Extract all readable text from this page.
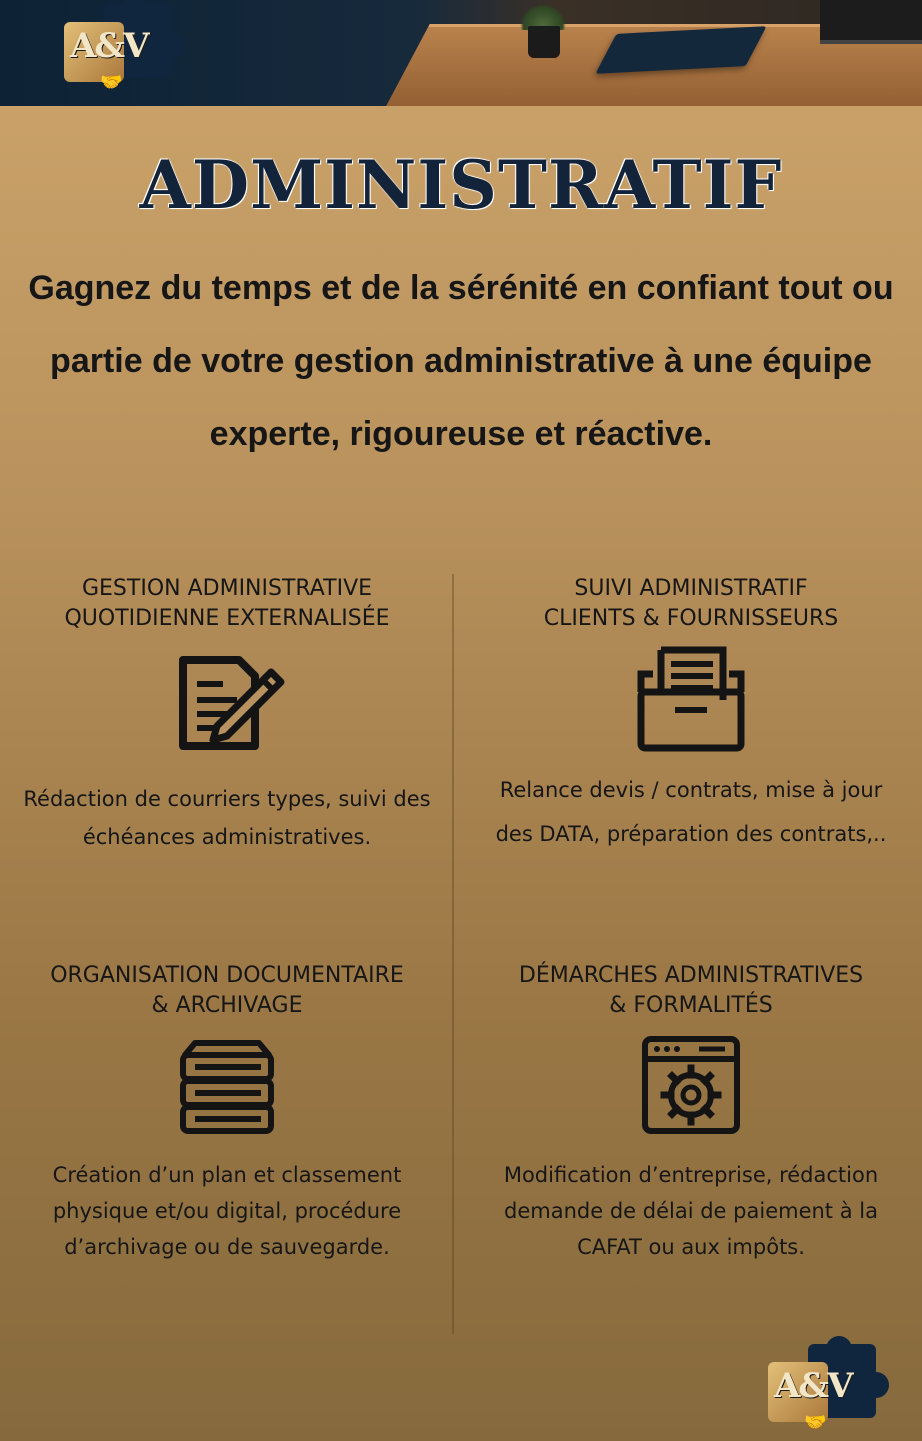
A&V
🤝
ADMINISTRATIF
Gagnez du temps et de la sérénité en confiant tout ou partie de votre gestion administrative à une équipe experte, rigoureuse et réactive.
GESTION ADMINISTRATIVE
QUOTIDIENNE EXTERNALISÉE
Rédaction de courriers types, suivi des échéances administratives.
SUIVI ADMINISTRATIF
CLIENTS & FOURNISSEURS
Relance devis / contrats, mise à jour des DATA, préparation des contrats,..
ORGANISATION DOCUMENTAIRE
& ARCHIVAGE
Création d’un plan et classement physique et/ou digital, procédure d’archivage ou de sauvegarde.
DÉMARCHES ADMINISTRATIVES
& FORMALITÉS
Modification d’entreprise, rédaction demande de délai de paiement à la CAFAT ou aux impôts.
A&V
🤝
